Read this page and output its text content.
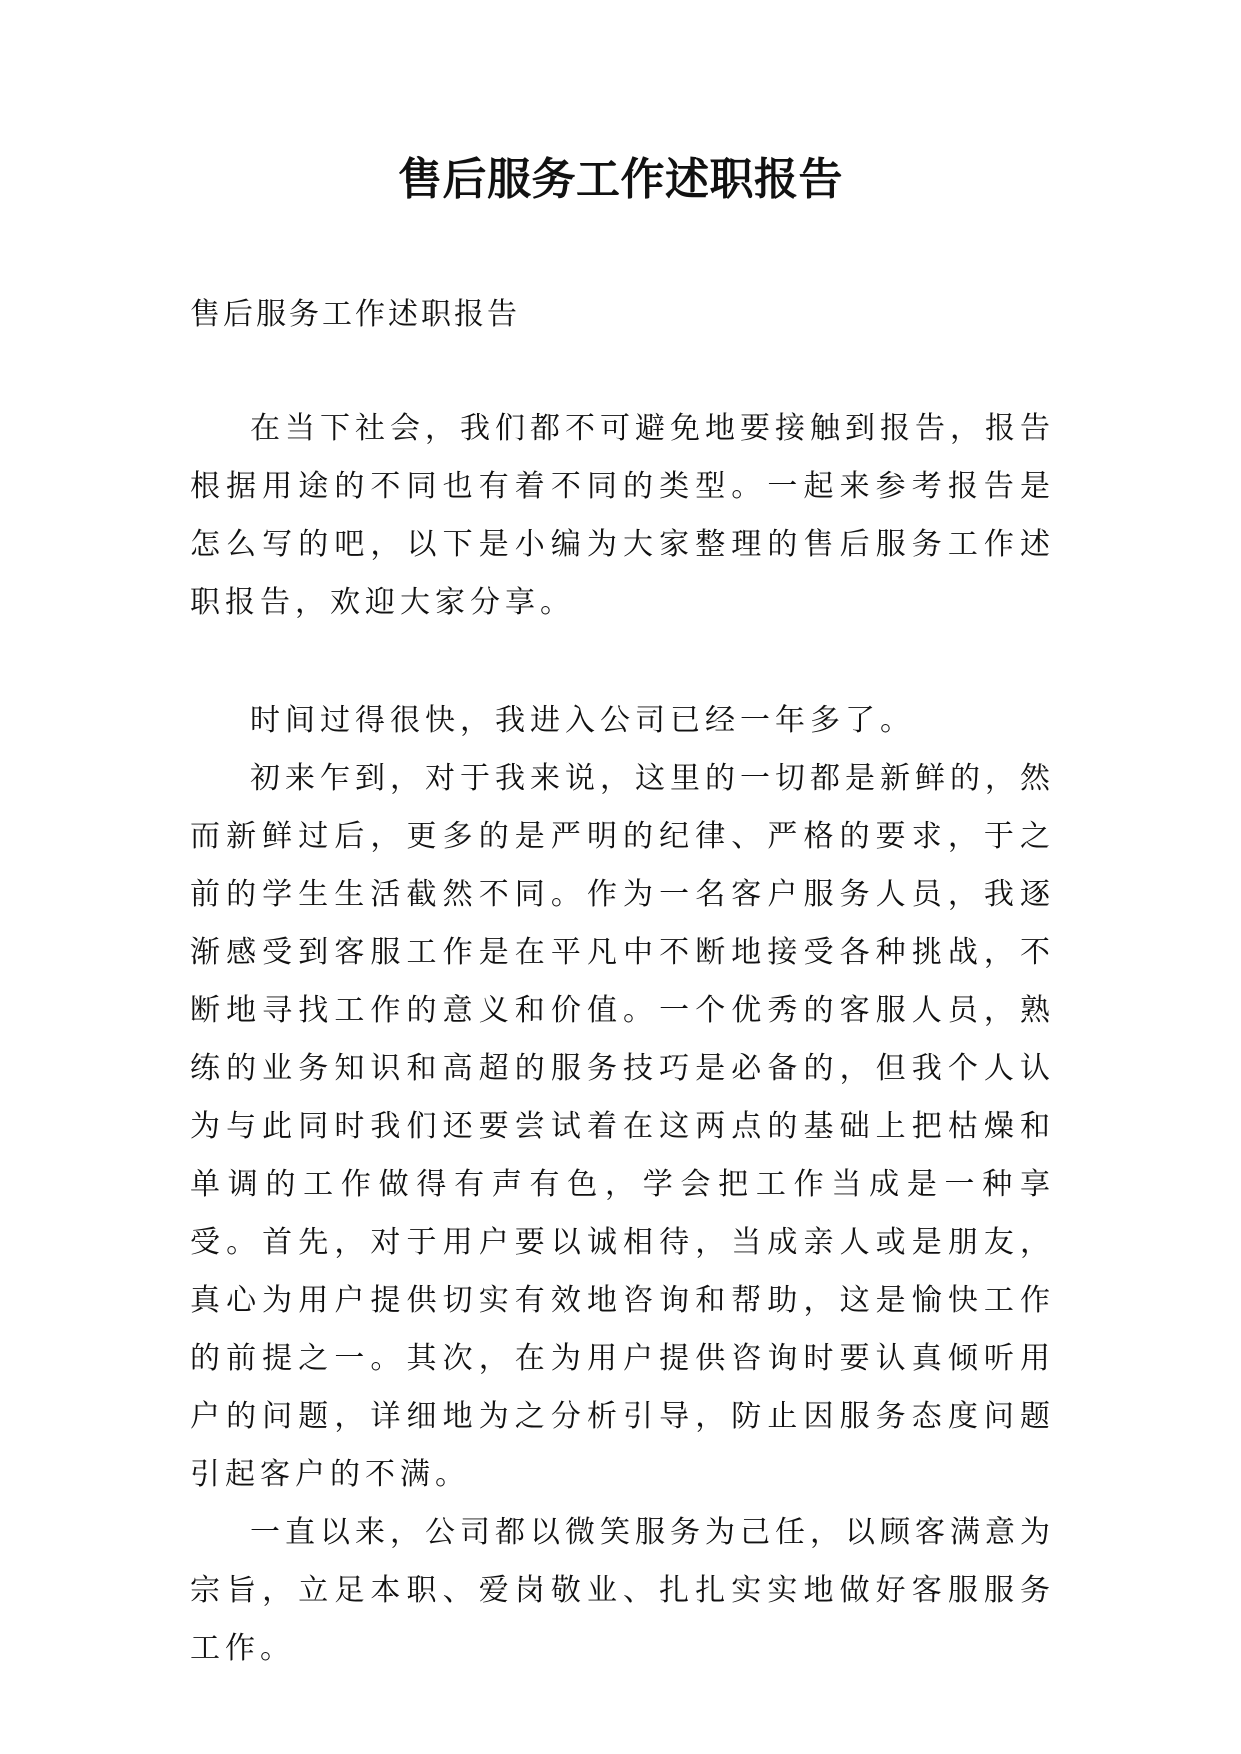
售后服务工作述职报告
售后服务工作述职报告

在当下社会，我们都不可避免地要接触到报告，报告根据用途的不同也有着不同的类型。一起来参考报告是怎么写的吧，以下是小编为大家整理的售后服务工作述职报告，欢迎大家分享。

时间过得很快，我进入公司已经一年多了。

初来乍到，对于我来说，这里的一切都是新鲜的，然而新鲜过后，更多的是严明的纪律、严格的要求，于之前的学生生活截然不同。作为一名客户服务人员，我逐渐感受到客服工作是在平凡中不断地接受各种挑战，不断地寻找工作的意义和价值。一个优秀的客服人员，熟练的业务知识和高超的服务技巧是必备的，但我个人认为与此同时我们还要尝试着在这两点的基础上把枯燥和单调的工作做得有声有色，学会把工作当成是一种享受。首先，对于用户要以诚相待，当成亲人或是朋友，真心为用户提供切实有效地咨询和帮助，这是愉快工作的前提之一。其次，在为用户提供咨询时要认真倾听用户的问题，详细地为之分析引导，防止因服务态度问题引起客户的不满。

一直以来，公司都以微笑服务为己任，以顾客满意为宗旨，立足本职、爱岗敬业、扎扎实实地做好客服服务工作。
